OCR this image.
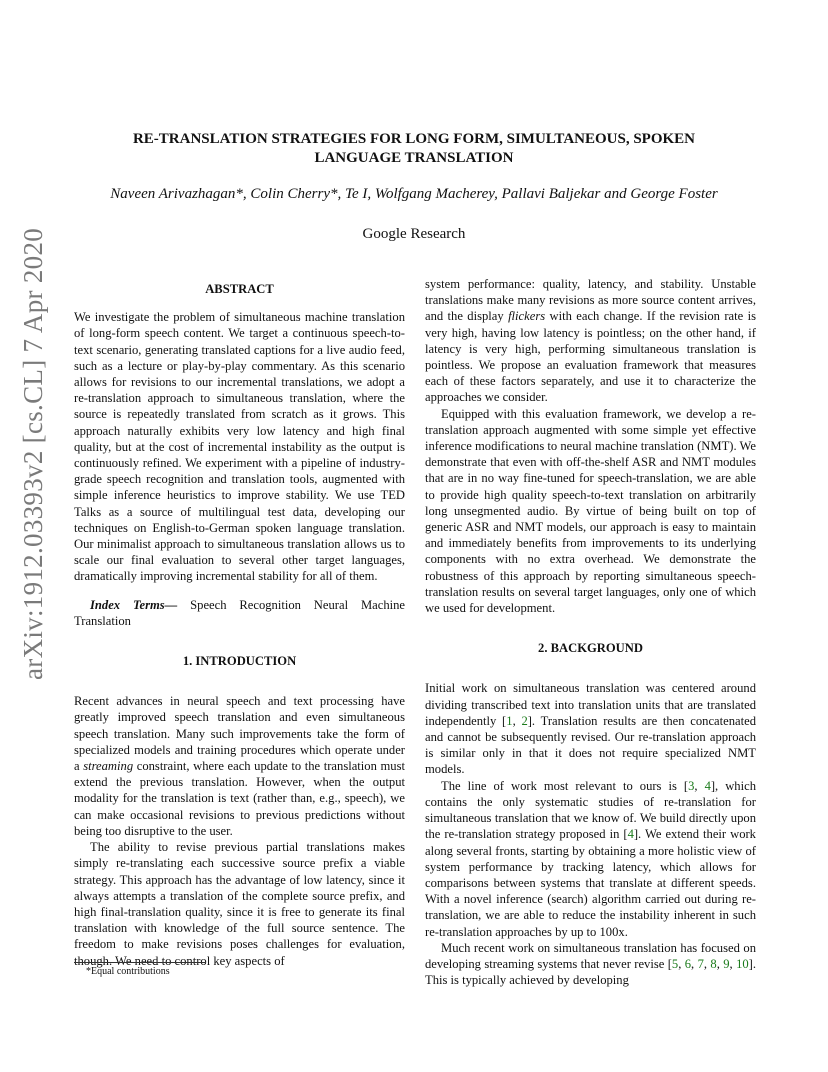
arXiv:1912.03393v2 [cs.CL] 7 Apr 2020
RE-TRANSLATION STRATEGIES FOR LONG FORM, SIMULTANEOUS, SPOKEN
LANGUAGE TRANSLATION
Naveen Arivazhagan*, Colin Cherry*, Te I, Wolfgang Macherey, Pallavi Baljekar and George Foster
Google Research
ABSTRACT

We investigate the problem of simultaneous machine translation of long-form speech content. We target a continuous speech-to-text scenario, generating translated captions for a live audio feed, such as a lecture or play-by-play commentary. As this scenario allows for revisions to our incremental translations, we adopt a re-translation approach to simultaneous translation, where the source is repeatedly translated from scratch as it grows. This approach naturally exhibits very low latency and high final quality, but at the cost of incremental instability as the output is continuously refined. We experiment with a pipeline of industry-grade speech recognition and translation tools, augmented with simple inference heuristics to improve stability. We use TED Talks as a source of multilingual test data, developing our techniques on English-to-German spoken language translation. Our minimalist approach to simultaneous translation allows us to scale our final evaluation to several other target languages, dramatically improving incremental stability for all of them.

Index Terms— Speech Recognition Neural Machine Translation

1. INTRODUCTION

Recent advances in neural speech and text processing have greatly improved speech translation and even simultaneous speech translation. Many such improvements take the form of specialized models and training procedures which operate under a streaming constraint, where each update to the translation must extend the previous translation. However, when the output modality for the translation is text (rather than, e.g., speech), we can make occasional revisions to previous predictions without being too disruptive to the user.

The ability to revise previous partial translations makes simply re-translating each successive source prefix a viable strategy. This approach has the advantage of low latency, since it always attempts a translation of the complete source prefix, and high final-translation quality, since it is free to generate its final translation with knowledge of the full source sentence. The freedom to make revisions poses challenges for evaluation, though. We need to control key aspects of

system performance: quality, latency, and stability. Unstable translations make many revisions as more source content arrives, and the display flickers with each change. If the revision rate is very high, having low latency is pointless; on the other hand, if latency is very high, performing simultaneous translation is pointless. We propose an evaluation framework that measures each of these factors separately, and use it to characterize the approaches we consider.

Equipped with this evaluation framework, we develop a re-translation approach augmented with some simple yet effective inference modifications to neural machine translation (NMT). We demonstrate that even with off-the-shelf ASR and NMT modules that are in no way fine-tuned for speech-translation, we are able to provide high quality speech-to-text translation on arbitrarily long unsegmented audio. By virtue of being built on top of generic ASR and NMT models, our approach is easy to maintain and immediately benefits from improvements to its underlying components with no extra overhead. We demonstrate the robustness of this approach by reporting simultaneous speech-translation results on several target languages, only one of which we used for development.

2. BACKGROUND

Initial work on simultaneous translation was centered around dividing transcribed text into translation units that are translated independently [1, 2]. Translation results are then concatenated and cannot be subsequently revised. Our re-translation approach is similar only in that it does not require specialized NMT models.

The line of work most relevant to ours is [3, 4], which contains the only systematic studies of re-translation for simultaneous translation that we know of. We build directly upon the re-translation strategy proposed in [4]. We extend their work along several fronts, starting by obtaining a more holistic view of system performance by tracking latency, which allows for comparisons between systems that translate at different speeds. With a novel inference (search) algorithm carried out during re-translation, we are able to reduce the instability inherent in such re-translation approaches by up to 100x.

Much recent work on simultaneous translation has focused on developing streaming systems that never revise [5, 6, 7, 8, 9, 10]. This is typically achieved by developing

*Equal contributions
